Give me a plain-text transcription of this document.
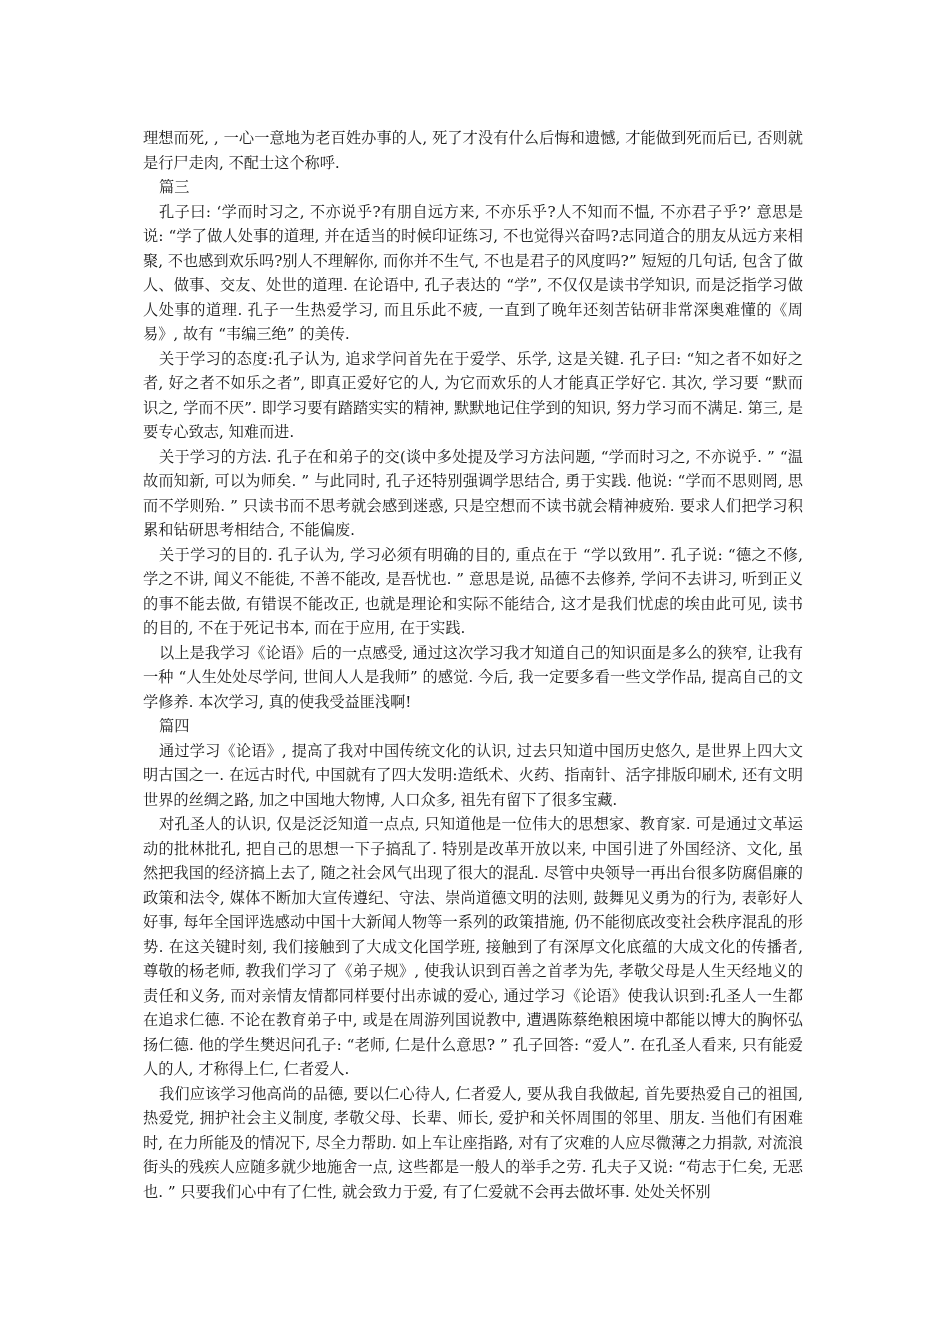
理想而死, , 一心一意地为老百姓办事的人, 死了才没有什么后悔和遗憾, 才能做到死而后已, 否则就是行尸走肉, 不配士这个称呼.

篇三

孔子曰: ‘学而时习之, 不亦说乎?有朋自远方来, 不亦乐乎?人不知而不愠, 不亦君子乎?’ 意思是说: “学了做人处事的道理, 并在适当的时候印证练习, 不也觉得兴奋吗?志同道合的朋友从远方来相聚, 不也感到欢乐吗?别人不理解你, 而你并不生气, 不也是君子的风度吗?” 短短的几句话, 包含了做人、做事、交友、处世的道理. 在论语中, 孔子表达的 “学”, 不仅仅是读书学知识, 而是泛指学习做人处事的道理. 孔子一生热爱学习, 而且乐此不疲, 一直到了晚年还刻苦钻研非常深奥难懂的《周易》, 故有 “韦编三绝” 的美传.

关于学习的态度:孔子认为, 追求学问首先在于爱学、乐学, 这是关键. 孔子曰: “知之者不如好之者, 好之者不如乐之者”, 即真正爱好它的人, 为它而欢乐的人才能真正学好它. 其次, 学习要 “默而识之, 学而不厌”. 即学习要有踏踏实实的精神, 默默地记住学到的知识, 努力学习而不满足. 第三, 是要专心致志, 知难而进.

关于学习的方法. 孔子在和弟子的交(谈中多处提及学习方法问题, “学而时习之, 不亦说乎. ” “温故而知新, 可以为师矣. ” 与此同时, 孔子还特别强调学思结合, 勇于实践. 他说: “学而不思则罔, 思而不学则殆. ” 只读书而不思考就会感到迷惑, 只是空想而不读书就会精神疲殆. 要求人们把学习积累和钻研思考相结合, 不能偏废.

关于学习的目的. 孔子认为, 学习必须有明确的目的, 重点在于 “学以致用”. 孔子说: “德之不修, 学之不讲, 闻义不能徙, 不善不能改, 是吾忧也. ” 意思是说, 品德不去修养, 学问不去讲习, 听到正义的事不能去做, 有错误不能改正, 也就是理论和实际不能结合, 这才是我们忧虑的埃由此可见, 读书的目的, 不在于死记书本, 而在于应用, 在于实践.

以上是我学习《论语》后的一点感受, 通过这次学习我才知道自己的知识面是多么的狭窄, 让我有一种 “人生处处尽学问, 世间人人是我师” 的感觉. 今后, 我一定要多看一些文学作品, 提高自己的文学修养. 本次学习, 真的使我受益匪浅啊!

篇四

通过学习《论语》, 提高了我对中国传统文化的认识, 过去只知道中国历史悠久, 是世界上四大文明古国之一. 在远古时代, 中国就有了四大发明:造纸术、火药、指南针、活字排版印刷术, 还有文明世界的丝绸之路, 加之中国地大物博, 人口众多, 祖先有留下了很多宝藏.

对孔圣人的认识, 仅是泛泛知道一点点, 只知道他是一位伟大的思想家、教育家. 可是通过文革运动的批林批孔, 把自己的思想一下子搞乱了. 特别是改革开放以来, 中国引进了外国经济、文化, 虽然把我国的经济搞上去了, 随之社会风气出现了很大的混乱. 尽管中央领导一再出台很多防腐倡廉的政策和法令, 媒体不断加大宣传遵纪、守法、崇尚道德文明的法则, 鼓舞见义勇为的行为, 表彰好人好事, 每年全国评选感动中国十大新闻人物等一系列的政策措施, 仍不能彻底改变社会秩序混乱的形势. 在这关键时刻, 我们接触到了大成文化国学班, 接触到了有深厚文化底蕴的大成文化的传播者, 尊敬的杨老师, 教我们学习了《弟子规》, 使我认识到百善之首孝为先, 孝敬父母是人生天经地义的责任和义务, 而对亲情友情都同样要付出赤诚的爱心, 通过学习《论语》使我认识到:孔圣人一生都在追求仁德. 不论在教育弟子中, 或是在周游列国说教中, 遭遇陈蔡绝粮困境中都能以博大的胸怀弘扬仁德. 他的学生樊迟问孔子: “老师, 仁是什么意思? ” 孔子回答: “爱人”. 在孔圣人看来, 只有能爱人的人, 才称得上仁, 仁者爱人.

我们应该学习他高尚的品德, 要以仁心待人, 仁者爱人, 要从我自我做起, 首先要热爱自己的祖国, 热爱党, 拥护社会主义制度, 孝敬父母、长辈、师长, 爱护和关怀周围的邻里、朋友. 当他们有困难时, 在力所能及的情况下, 尽全力帮助. 如上车让座指路, 对有了灾难的人应尽微薄之力捐款, 对流浪街头的残疾人应随多就少地施舍一点, 这些都是一般人的举手之劳. 孔夫子又说: “苟志于仁矣, 无恶也. ” 只要我们心中有了仁性, 就会致力于爱, 有了仁爱就不会再去做坏事. 处处关怀别
